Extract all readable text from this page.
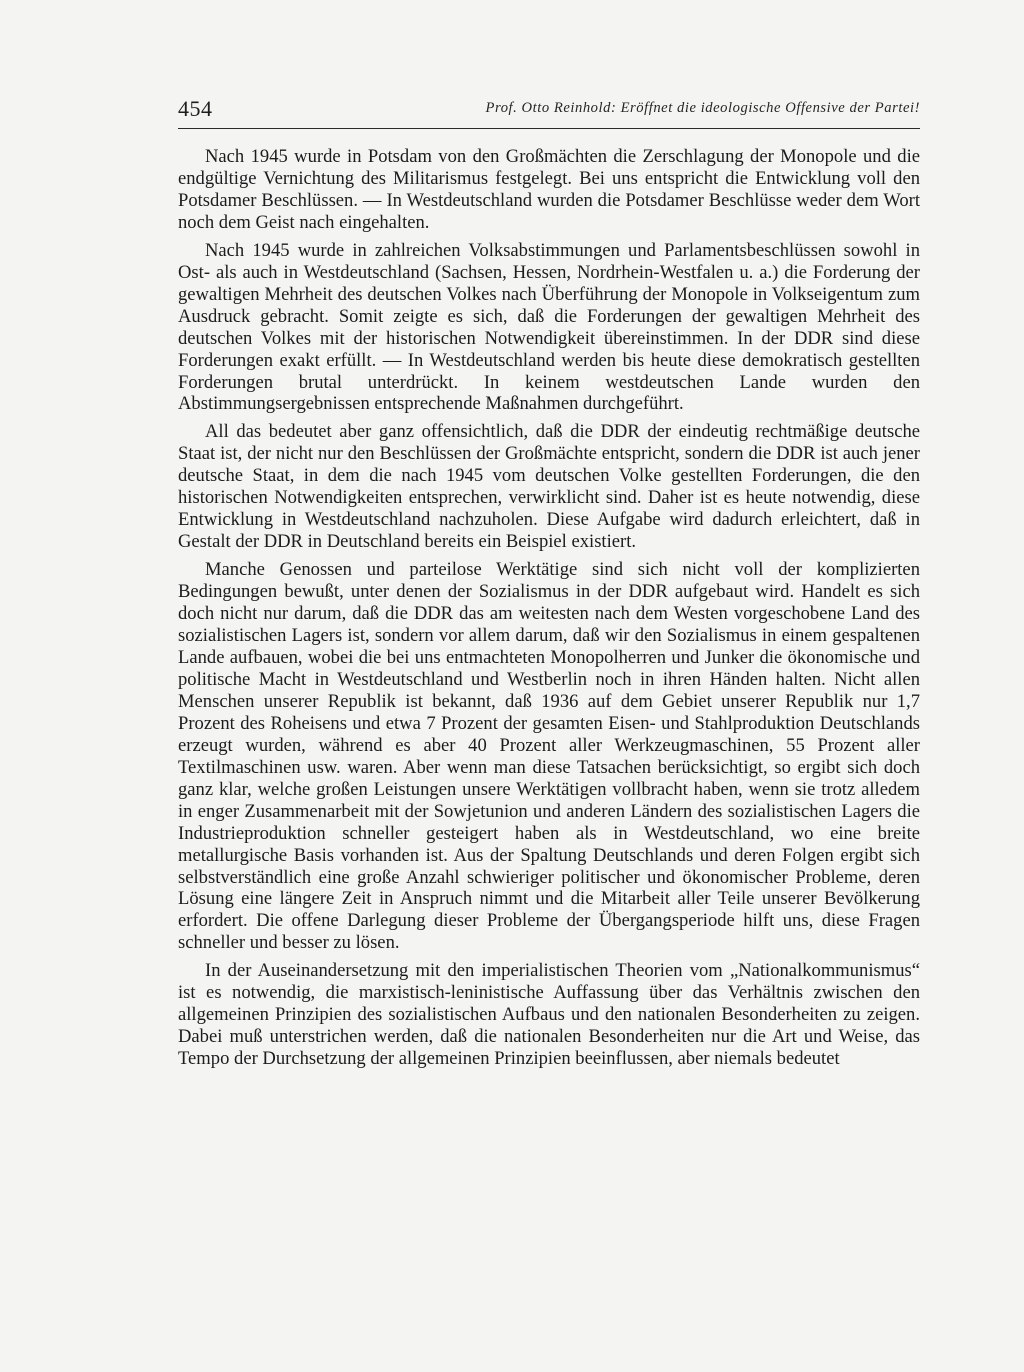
454	Prof. Otto Reinhold: Eröffnet die ideologische Offensive der Partei!

Nach 1945 wurde in Potsdam von den Großmächten die Zerschlagung der Monopole und die endgültige Vernichtung des Militarismus festgelegt. Bei uns entspricht die Entwicklung voll den Potsdamer Beschlüssen. — In Westdeutschland wurden die Potsdamer Beschlüsse weder dem Wort noch dem Geist nach eingehalten.

Nach 1945 wurde in zahlreichen Volksabstimmungen und Parlamentsbeschlüssen sowohl in Ost- als auch in Westdeutschland (Sachsen, Hessen, Nordrhein-Westfalen u. a.) die Forderung der gewaltigen Mehrheit des deutschen Volkes nach Überführung der Monopole in Volkseigentum zum Ausdruck gebracht. Somit zeigte es sich, daß die Forderungen der gewaltigen Mehrheit des deutschen Volkes mit der historischen Notwendigkeit übereinstimmen. In der DDR sind diese Forderungen exakt erfüllt. — In Westdeutschland werden bis heute diese demokratisch gestellten Forderungen brutal unterdrückt. In keinem westdeutschen Lande wurden den Abstimmungsergebnissen entsprechende Maßnahmen durchgeführt.

All das bedeutet aber ganz offensichtlich, daß die DDR der eindeutig rechtmäßige deutsche Staat ist, der nicht nur den Beschlüssen der Großmächte entspricht, sondern die DDR ist auch jener deutsche Staat, in dem die nach 1945 vom deutschen Volke gestellten Forderungen, die den historischen Notwendigkeiten entsprechen, verwirklicht sind. Daher ist es heute notwendig, diese Entwicklung in Westdeutschland nachzuholen. Diese Aufgabe wird dadurch erleichtert, daß in Gestalt der DDR in Deutschland bereits ein Beispiel existiert.

Manche Genossen und parteilose Werktätige sind sich nicht voll der komplizierten Bedingungen bewußt, unter denen der Sozialismus in der DDR aufgebaut wird. Handelt es sich doch nicht nur darum, daß die DDR das am weitesten nach dem Westen vorgeschobene Land des sozialistischen Lagers ist, sondern vor allem darum, daß wir den Sozialismus in einem gespaltenen Lande aufbauen, wobei die bei uns entmachteten Monopolherren und Junker die ökonomische und politische Macht in Westdeutschland und Westberlin noch in ihren Händen halten. Nicht allen Menschen unserer Republik ist bekannt, daß 1936 auf dem Gebiet unserer Republik nur 1,7 Prozent des Roheisens und etwa 7 Prozent der gesamten Eisen- und Stahlproduktion Deutschlands erzeugt wurden, während es aber 40 Prozent aller Werkzeugmaschinen, 55 Prozent aller Textilmaschinen usw. waren. Aber wenn man diese Tatsachen berücksichtigt, so ergibt sich doch ganz klar, welche großen Leistungen unsere Werktätigen vollbracht haben, wenn sie trotz alledem in enger Zusammenarbeit mit der Sowjetunion und anderen Ländern des sozialistischen Lagers die Industrieproduktion schneller gesteigert haben als in Westdeutschland, wo eine breite metallurgische Basis vorhanden ist. Aus der Spaltung Deutschlands und deren Folgen ergibt sich selbstverständlich eine große Anzahl schwieriger politischer und ökonomischer Probleme, deren Lösung eine längere Zeit in Anspruch nimmt und die Mitarbeit aller Teile unserer Bevölkerung erfordert. Die offene Darlegung dieser Probleme der Übergangsperiode hilft uns, diese Fragen schneller und besser zu lösen.

In der Auseinandersetzung mit den imperialistischen Theorien vom „Nationalkommunismus“ ist es notwendig, die marxistisch-leninistische Auffassung über das Verhältnis zwischen den allgemeinen Prinzipien des sozialistischen Aufbaus und den nationalen Besonderheiten zu zeigen. Dabei muß unterstrichen werden, daß die nationalen Besonderheiten nur die Art und Weise, das Tempo der Durchsetzung der allgemeinen Prinzipien beeinflussen, aber niemals bedeutet
